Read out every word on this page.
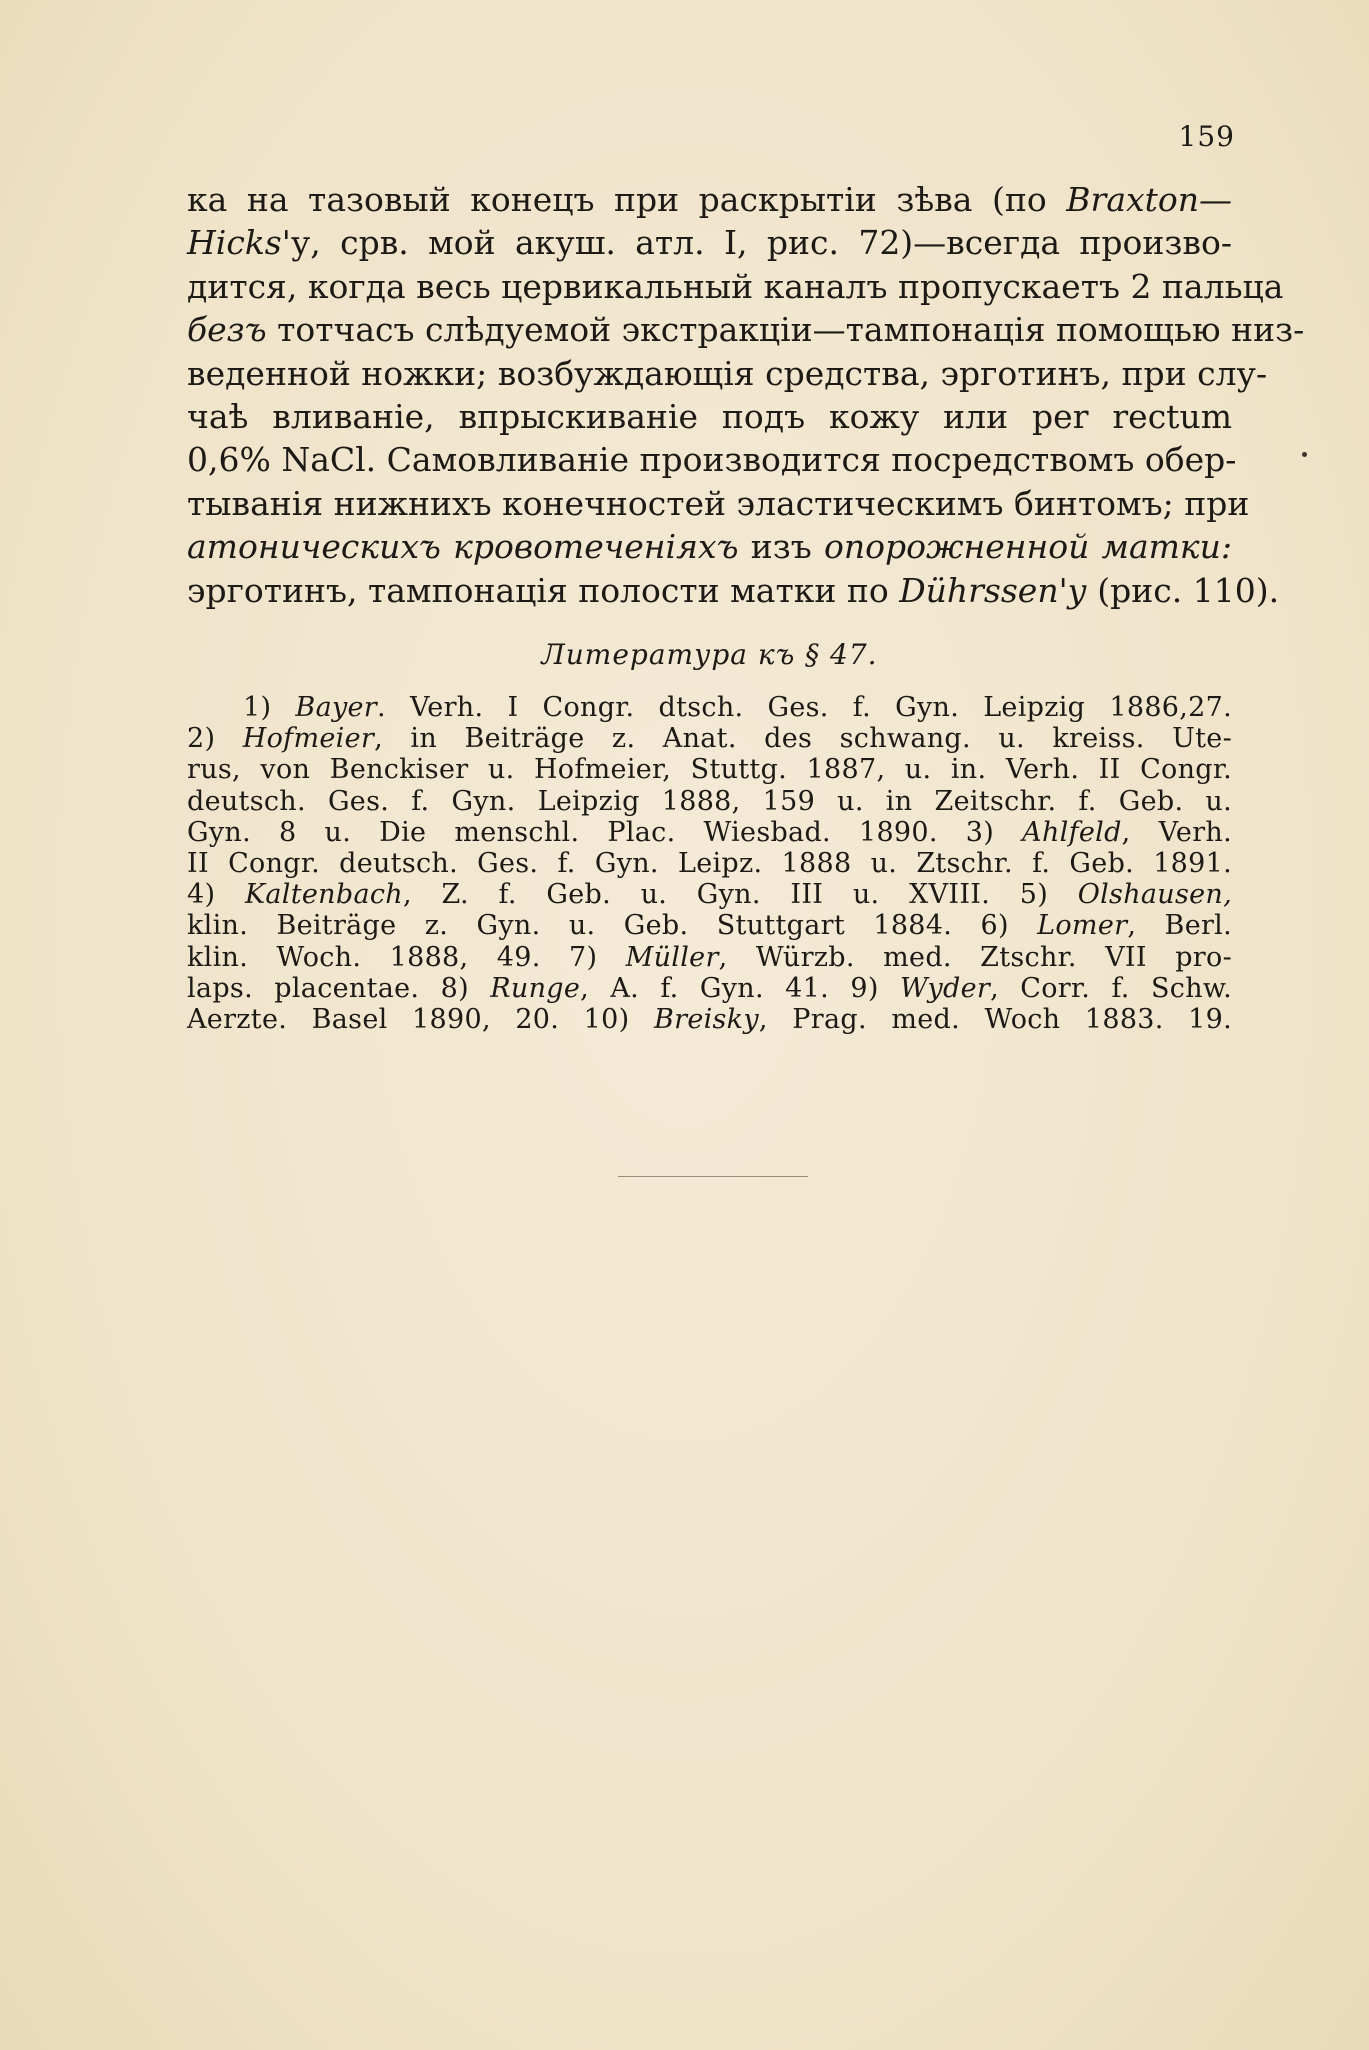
159
ка на тазовый конецъ при раскрытіи зѣва (по Braxton—
Hicks'у, срв. мой акуш. атл. I, рис. 72)—всегда произво-
дится, когда весь цервикальный каналъ пропускаетъ 2 пальца
безъ тотчасъ слѣдуемой экстракціи—тампонація помощью низ-
веденной ножки; возбуждающія средства, эрготинъ, при слу-
чаѣ вливаніе, впрыскиваніе подъ кожу или per rectum
0,6% NaCl. Самовливаніе производится посредствомъ обер-
тыванія нижнихъ конечностей эластическимъ бинтомъ; при
атоническихъ кровотеченіяхъ изъ опорожненной матки:
эрготинъ, тампонація полости матки по Dührssen'у (рис. 110).
Литература къ § 47.
1) Bayer. Verh. I Congr. dtsch. Ges. f. Gyn. Leipzig 1886,27.
2) Hofmeier, in Beiträge z. Anat. des schwang. u. kreiss. Ute-
rus, von Benckiser u. Hofmeier, Stuttg. 1887, u. in. Verh. II Congr.
deutsch. Ges. f. Gyn. Leipzig 1888, 159 u. in Zeitschr. f. Geb. u.
Gyn. 8 u. Die menschl. Plac. Wiesbad. 1890. 3) Ahlfeld, Verh.
II Congr. deutsch. Ges. f. Gyn. Leipz. 1888 u. Ztschr. f. Geb. 1891.
4) Kaltenbach, Z. f. Geb. u. Gyn. III u. XVIII. 5) Olshausen,
klin. Beiträge z. Gyn. u. Geb. Stuttgart 1884. 6) Lomer, Berl.
klin. Woch. 1888, 49. 7) Müller, Würzb. med. Ztschr. VII pro-
laps. placentae. 8) Runge, A. f. Gyn. 41. 9) Wyder, Corr. f. Schw.
Aerzte. Basel 1890, 20. 10) Breisky, Prag. med. Woch 1883. 19.
